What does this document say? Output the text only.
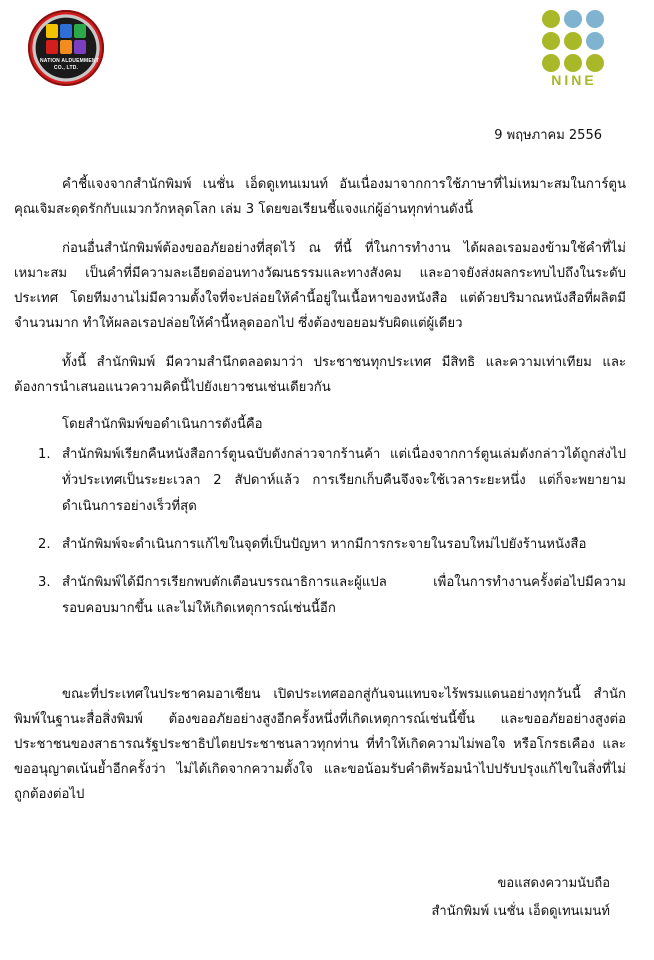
NATION ALDUEMMENT
CO., LTD.
NINE
9 พฤษภาคม 2556
คำชี้แจงจากสำนักพิมพ์ เนชั่น เอ็ดดูเทนเมนท์ อันเนื่องมาจากการใช้ภาษาที่ไม่เหมาะสมในการ์ตูน คุณเจิมสะดุดรักกับแมวกวักหลุดโลก เล่ม 3 โดยขอเรียนชี้แจงแก่ผู้อ่านทุกท่านดังนี้
ก่อนอื่นสำนักพิมพ์ต้องขออภัยอย่างที่สุดไว้ ณ ที่นี้ ที่ในการทำงาน ได้ผลอเรอมองข้ามใช้คำที่ไม่เหมาะสม เป็นคำที่มีความละเอียดอ่อนทางวัฒนธรรมและทางสังคม และอาจยังส่งผลกระทบไปถึงในระดับประเทศ โดยทีมงานไม่มีความตั้งใจที่จะปล่อยให้คำนี้อยู่ในเนื้อหาของหนังสือ แต่ด้วยปริมาณหนังสือที่ผลิตมีจำนวนมาก ทำให้ผลอเรอปล่อยให้คำนี้หลุดออกไป ซึ่งต้องขอยอมรับผิดแต่ผู้เดียว
ทั้งนี้ สำนักพิมพ์ มีความสำนึกตลอดมาว่า ประชาชนทุกประเทศ มีสิทธิ และความเท่าเทียม และต้องการนำเสนอแนวความคิดนี้ไปยังเยาวชนเช่นเดียวกัน
โดยสำนักพิมพ์ขอดำเนินการดังนี้คือ
1. สำนักพิมพ์เรียกคืนหนังสือการ์ตูนฉบับดังกล่าวจากร้านค้า แต่เนื่องจากการ์ตูนเล่มดังกล่าวได้ถูกส่งไปทั่วประเทศเป็นระยะเวลา 2 สัปดาห์แล้ว การเรียกเก็บคืนจึงจะใช้เวลาระยะหนึ่ง แต่ก็จะพยายามดำเนินการอย่างเร็วที่สุด
2. สำนักพิมพ์จะดำเนินการแก้ไขในจุดที่เป็นปัญหา หากมีการกระจายในรอบใหม่ไปยังร้านหนังสือ
3. สำนักพิมพ์ได้มีการเรียกพบตักเตือนบรรณาธิการและผู้แปล เพื่อในการทำงานครั้งต่อไปมีความรอบคอบมากขึ้น และไม่ให้เกิดเหตุการณ์เช่นนี้อีก
ขณะที่ประเทศในประชาคมอาเซียน เปิดประเทศออกสู่กันจนแทบจะไร้พรมแดนอย่างทุกวันนี้ สำนักพิมพ์ในฐานะสื่อสิ่งพิมพ์ ต้องขออภัยอย่างสูงอีกครั้งหนึ่งที่เกิดเหตุการณ์เช่นนี้ขึ้น และขออภัยอย่างสูงต่อประชาชนของสาธารณรัฐประชาธิปไตยประชาชนลาวทุกท่าน ที่ทำให้เกิดความไม่พอใจ หรือโกรธเคือง และขออนุญาตเน้นย้ำอีกครั้งว่า ไม่ได้เกิดจากความตั้งใจ และขอน้อมรับคำติพร้อมนำไปปรับปรุงแก้ไขในสิ่งที่ไม่ถูกต้องต่อไป
ขอแสดงความนับถือ
สำนักพิมพ์ เนชั่น เอ็ดดูเทนเมนท์
